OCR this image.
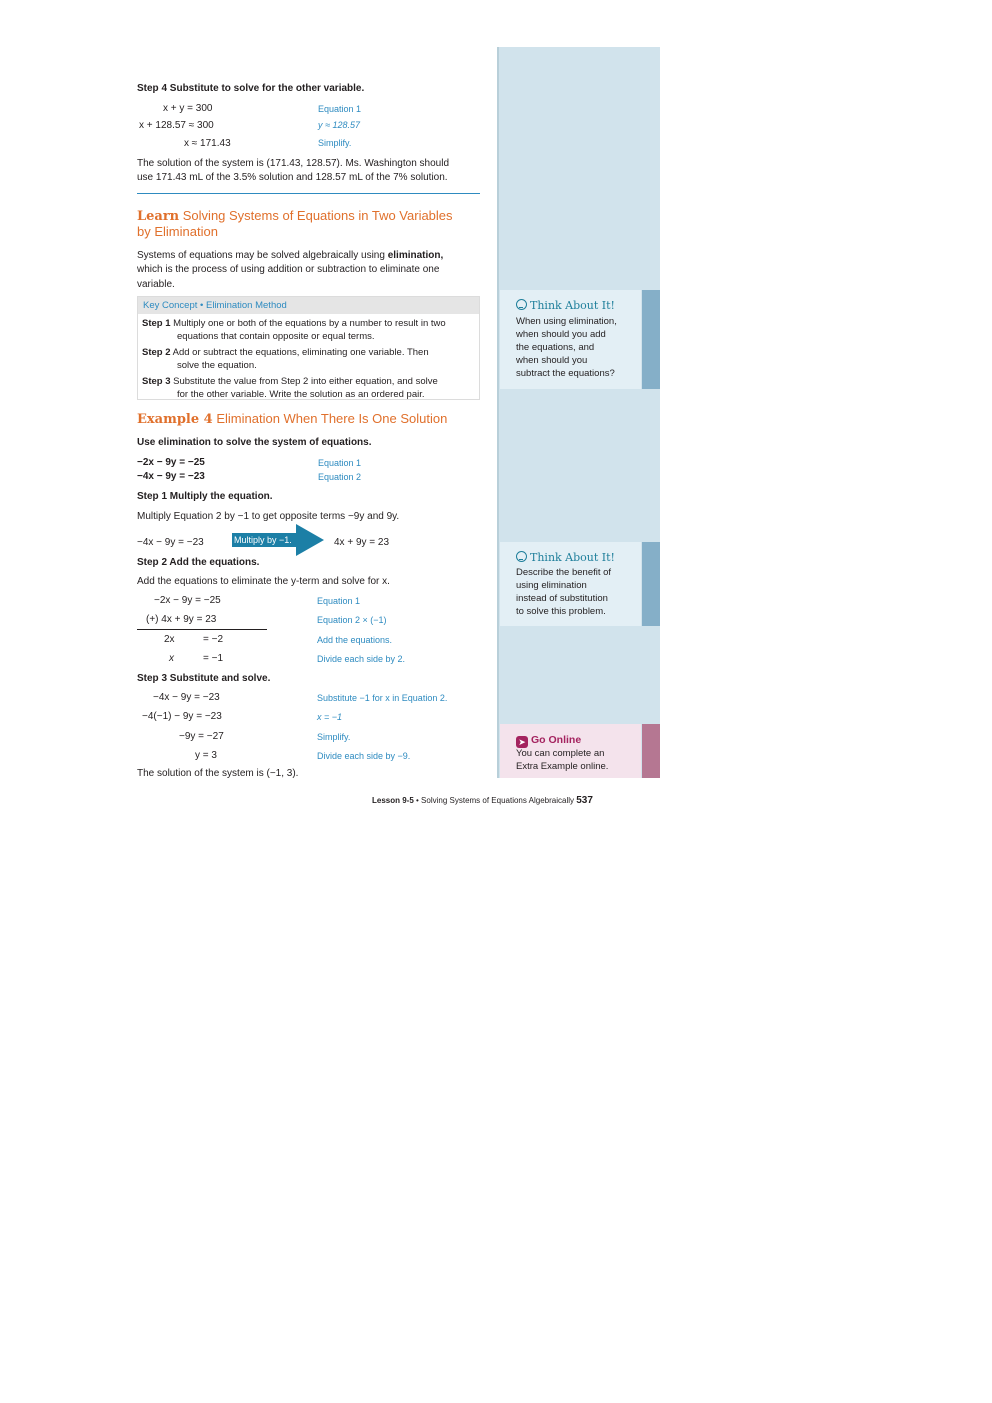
Think About It!
When using elimination,
when should you add
the equations, and
when should you
subtract the equations?
Think About It!
Describe the benefit of
using elimination
instead of substitution
to solve this problem.
➤ Go Online
You can complete an
Extra Example online.
Step 4 Substitute to solve for the other variable.
x + y = 300	Equation 1
x + 128.57 ≈ 300	y ≈ 128.57
x ≈ 171.43	Simplify.
The solution of the system is (171.43, 128.57). Ms. Washington should
use 171.43 mL of the 3.5% solution and 128.57 mL of the 7% solution.
Learn Solving Systems of Equations in Two Variables
by Elimination
Systems of equations may be solved algebraically using elimination,
which is the process of using addition or subtraction to eliminate one
variable.
Key Concept • Elimination Method
Step 1 Multiply one or both of the equations by a number to result in two
equations that contain opposite or equal terms.
Step 2 Add or subtract the equations, eliminating one variable. Then
solve the equation.
Step 3 Substitute the value from Step 2 into either equation, and solve
for the other variable. Write the solution as an ordered pair.
Example 4 Elimination When There Is One Solution
Use elimination to solve the system of equations.
−2x − 9y = −25	Equation 1
−4x − 9y = −23	Equation 2
Step 1 Multiply the equation.
Multiply Equation 2 by −1 to get opposite terms −9y and 9y.
−4x − 9y = −23	Multiply by −1.	4x + 9y = 23
Step 2 Add the equations.
Add the equations to eliminate the y-term and solve for x.
−2x − 9y = −25	Equation 1
(+) 4x + 9y = 23	Equation 2 × (−1)
2x	= −2	Add the equations.
x	= −1	Divide each side by 2.
Step 3 Substitute and solve.
−4x − 9y = −23	Substitute −1 for x in Equation 2.
−4(−1) − 9y = −23	x = −1
−9y = −27	Simplify.
y = 3	Divide each side by −9.
The solution of the system is (−1, 3).
Lesson 9-5 • Solving Systems of Equations Algebraically 537
